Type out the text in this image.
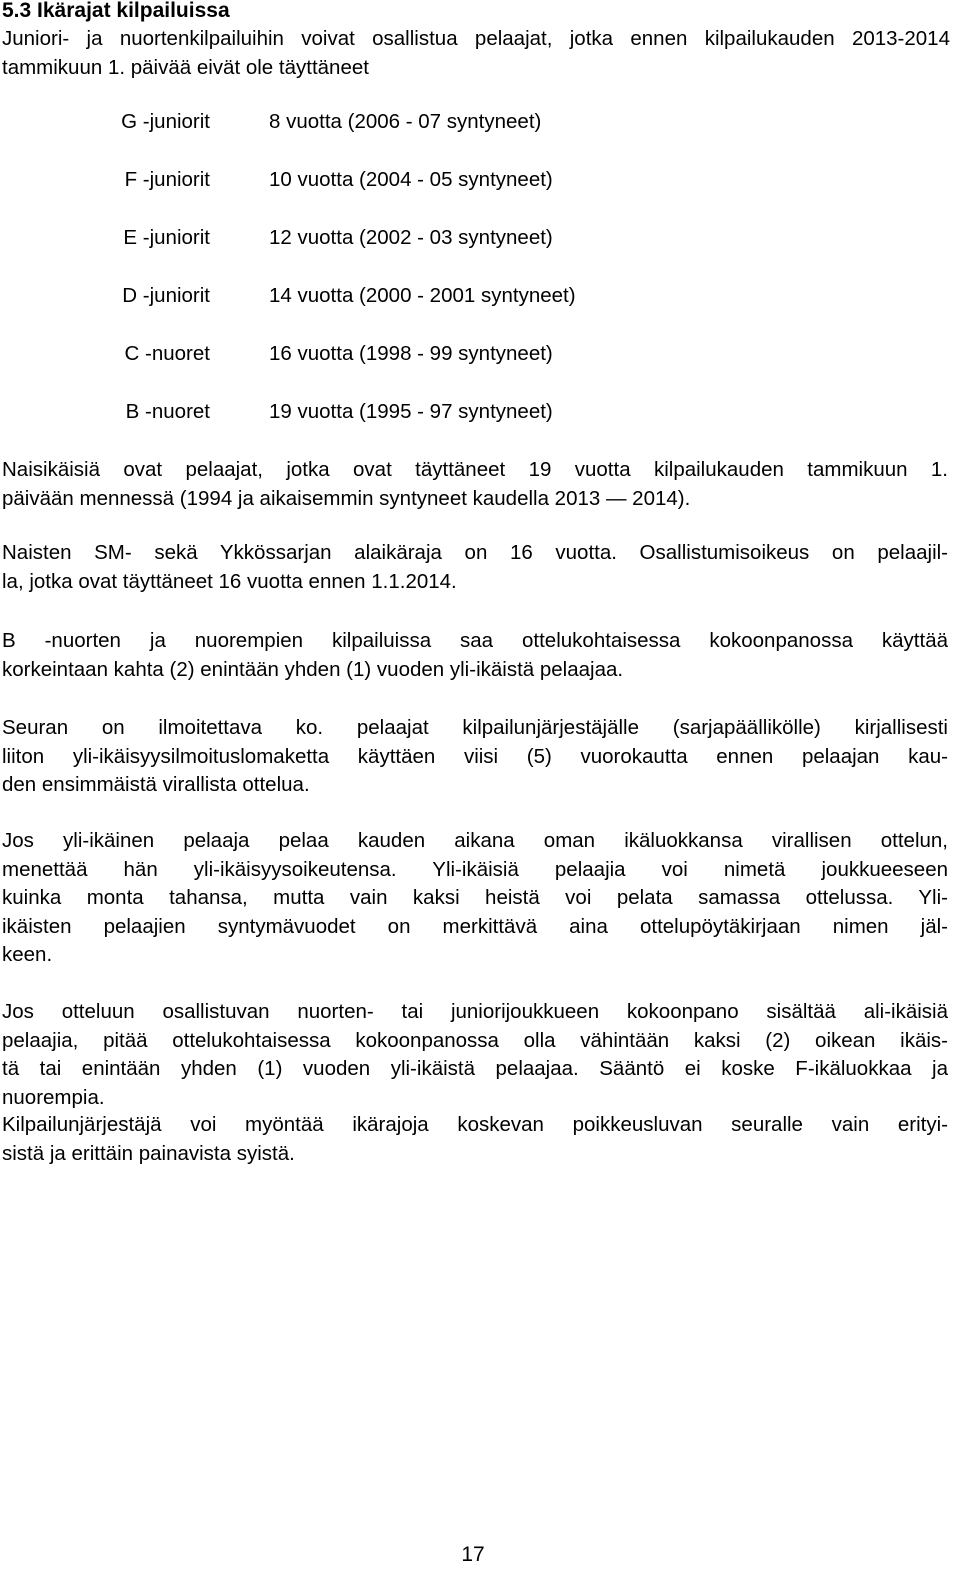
5.3 Ikärajat kilpailuissa

Juniori- ja nuortenkilpailuihin voivat osallistua pelaajat, jotka ennen kilpailukauden 2013-2014 tammikuun 1. päivää eivät ole täyttäneet

G -juniorit	8 vuotta (2006 - 07 syntyneet)
F -juniorit	10 vuotta (2004 - 05 syntyneet)
E -juniorit	12 vuotta (2002 - 03 syntyneet)
D -juniorit	14 vuotta (2000 - 2001 syntyneet)
C -nuoret	16 vuotta (1998 - 99 syntyneet)
B -nuoret	19 vuotta (1995 - 97 syntyneet)
Naisikäisiä ovat pelaajat, jotka ovat täyttäneet 19 vuotta kilpailukauden tammikuun 1.
päivään mennessä (1994 ja aikaisemmin syntyneet kaudella 2013 — 2014).
Naisten SM- sekä Ykkössarjan alaikäraja on 16 vuotta. Osallistumisoikeus on pelaajil-
la, jotka ovat täyttäneet 16 vuotta ennen 1.1.2014.
B -nuorten ja nuorempien kilpailuissa saa ottelukohtaisessa kokoonpanossa käyttää
korkeintaan kahta (2) enintään yhden (1) vuoden yli-ikäistä pelaajaa.
Seuran on ilmoitettava ko. pelaajat kilpailunjärjestäjälle (sarjapäällikölle) kirjallisesti
liiton yli-ikäisyysilmoituslomaketta käyttäen viisi (5) vuorokautta ennen pelaajan kau-
den ensimmäistä virallista ottelua.
Jos yli-ikäinen pelaaja pelaa kauden aikana oman ikäluokkansa virallisen ottelun,
menettää hän yli-ikäisyysoikeutensa. Yli-ikäisiä pelaajia voi nimetä joukkueeseen
kuinka monta tahansa, mutta vain kaksi heistä voi pelata samassa ottelussa. Yli-
ikäisten pelaajien syntymävuodet on merkittävä aina ottelupöytäkirjaan nimen jäl-
keen.
Jos otteluun osallistuvan nuorten- tai juniorijoukkueen kokoonpano sisältää ali-ikäisiä
pelaajia, pitää ottelukohtaisessa kokoonpanossa olla vähintään kaksi (2) oikean ikäis-
tä tai enintään yhden (1) vuoden yli-ikäistä pelaajaa. Sääntö ei koske F-ikäluokkaa ja
nuorempia.
Kilpailunjärjestäjä voi myöntää ikärajoja koskevan poikkeusluvan seuralle vain erityi-
sistä ja erittäin painavista syistä.
17
